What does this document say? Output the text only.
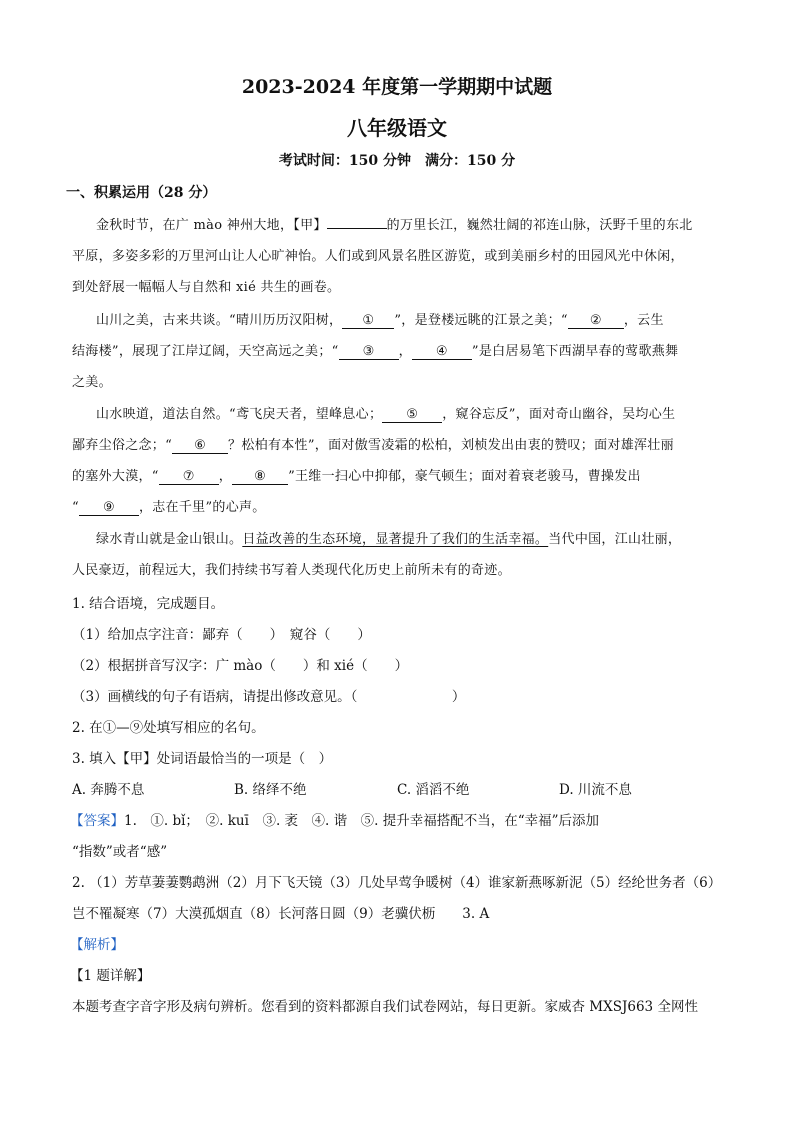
2023-2024 年度第一学期期中试题
八年级语文
考试时间：150 分钟　满分：150 分
一、积累运用（28 分）
金秋时节，在广 mào 神州大地，【甲】	的万里长江，巍然壮阔的祁连山脉，沃野千里的东北
平原，多姿多彩的万里河山让人心旷神怡。人们或到风景名胜区游览，或到美丽乡村的田园风光中休闲，
到处舒展一幅幅人与自然和 xié 共生的画卷。
山川之美，古来共谈。“晴川历历汉阳树， ① ”，是登楼远眺的江景之美；“ ② ，云生
结海楼”，展现了江岸辽阔，天空高远之美；“ ③ ， ④ ”是白居易笔下西湖早春的莺歌燕舞
之美。
山水映道，道法自然。“鸢飞戾天者，望峰息心； ⑤ ，窥谷忘反”，面对奇山幽谷，吴均心生
鄙弃尘俗之念；“ ⑥ ？松柏有本性”，面对傲雪凌霜的松柏，刘桢发出由衷的赞叹；面对雄浑壮丽
的塞外大漠，“ ⑦ ， ⑧ ”王维一扫心中抑郁，豪气顿生；面对着衰老骏马，曹操发出
“ ⑨ ，志在千里”的心声。
绿水青山就是金山银山。日益改善的生态环境，显著提升了我们的生活幸福。当代中国，江山壮丽，
人民豪迈，前程远大，我们持续书写着人类现代化历史上前所未有的奇迹。
1. 结合语境，完成题目。
（1）给加点字注音：鄙弃（　　）　窥谷（　　）
（2）根据拼音写汉字：广 mào（　　）和 xié（　　）
（3）画横线的句子有语病，请提出修改意见。（　　　　　　　）
2. 在①—⑨处填写相应的名句。
3. 填入【甲】处词语最恰当的一项是（　）
A. 奔腾不息	B. 络绎不绝	C. 滔滔不绝	D. 川流不息
【答案】1.　①. bǐ；　②. kuī　③. 袤　④. 谐　⑤. 提升幸福搭配不当，在“幸福”后添加
“指数”或者“感”
2. （1）芳草萋萋鹦鹉洲（2）月下飞天镜（3）几处早莺争暖树（4）谁家新燕啄新泥（5）经纶世务者（6）
岂不罹凝寒（7）大漠孤烟直（8）长河落日圆（9）老骥伏枥　　3. A
【解析】
【1 题详解】
本题考查字音字形及病句辨析。您看到的资料都源自我们试卷网站，每日更新。家威杏 MXSJ663 全网性
